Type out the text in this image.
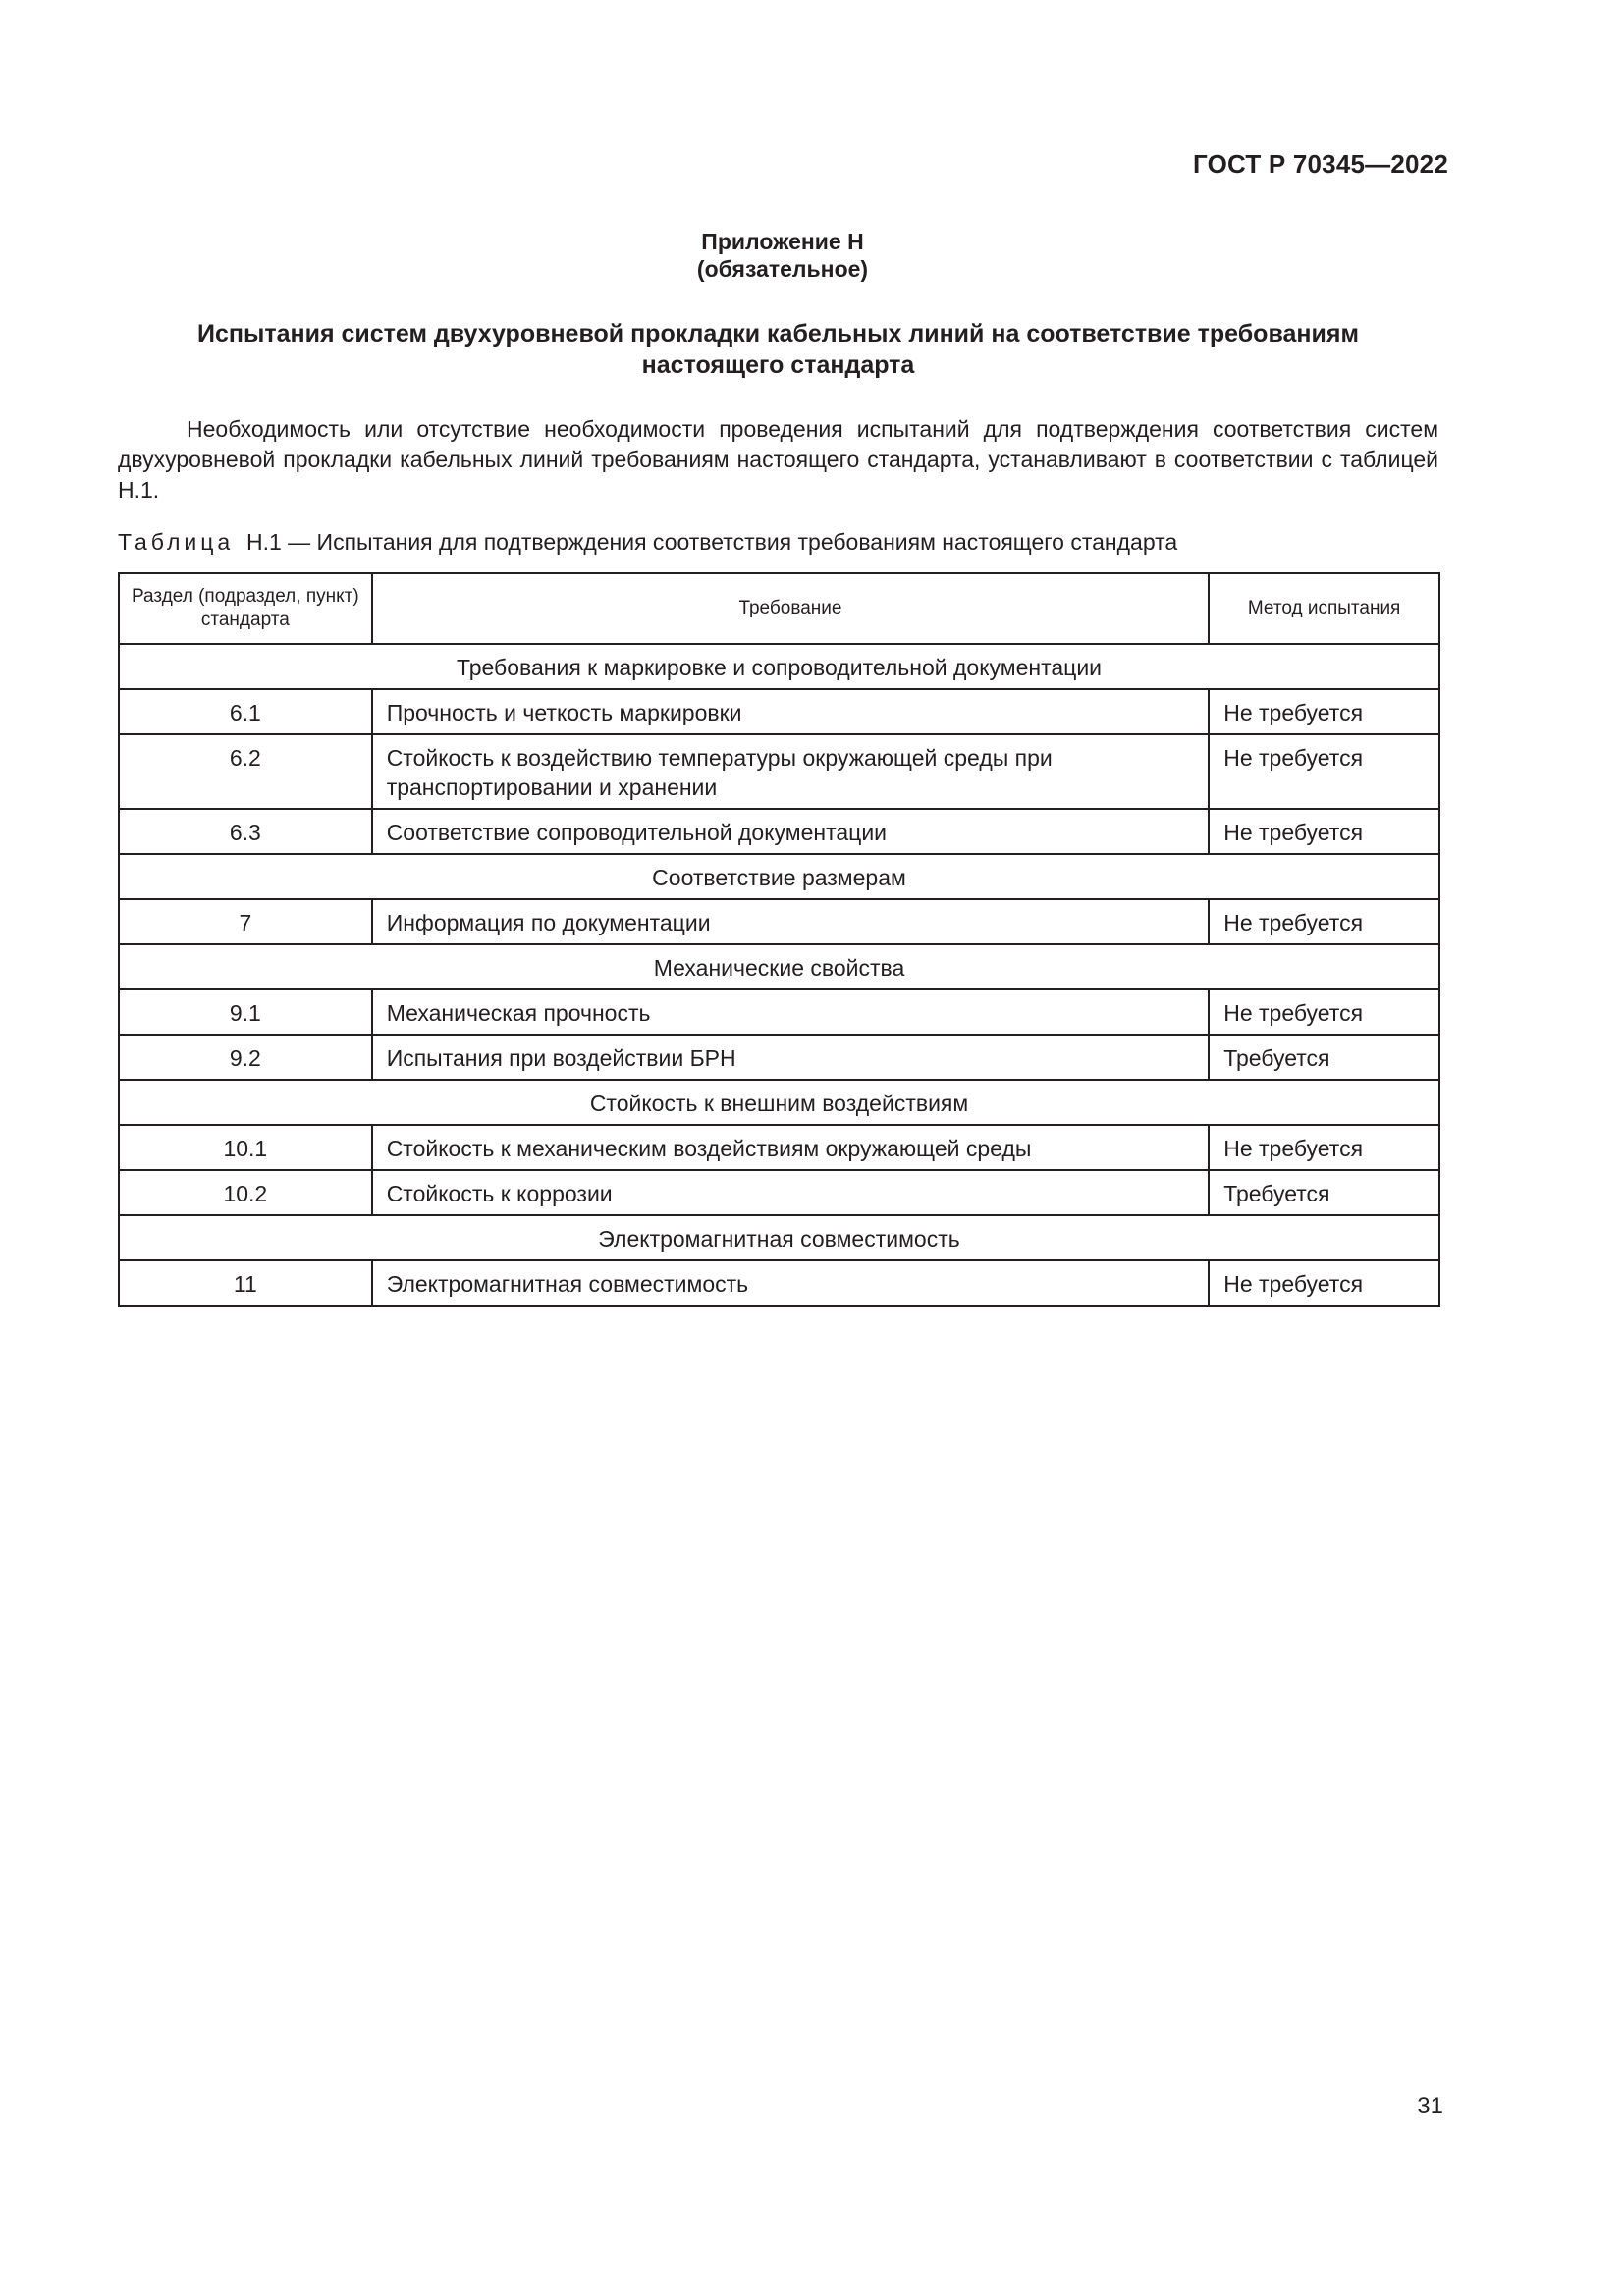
ГОСТ Р 70345—2022
Приложение Н
(обязательное)
Испытания систем двухуровневой прокладки кабельных линий на соответствие требованиям
настоящего стандарта
Необходимость или отсутствие необходимости проведения испытаний для подтверждения соответствия систем двухуровневой прокладки кабельных линий требованиям настоящего стандарта, устанавливают в соответствии с таблицей Н.1.
Таблица Н.1 — Испытания для подтверждения соответствия требованиям настоящего стандарта
Раздел (подраздел, пункт) стандарта	Требование	Метод испытания
Требования к маркировке и сопроводительной документации		
6.1	Прочность и четкость маркировки	Не требуется
6.2	Стойкость к воздействию температуры окружающей среды при транспортировании и хранении	Не требуется
6.3	Соответствие сопроводительной документации	Не требуется
Соответствие размерам		
7	Информация по документации	Не требуется
Механические свойства		
9.1	Механическая прочность	Не требуется
9.2	Испытания при воздействии БРН	Требуется
Стойкость к внешним воздействиям		
10.1	Стойкость к механическим воздействиям окружающей среды	Не требуется
10.2	Стойкость к коррозии	Требуется
Электромагнитная совместимость		
11	Электромагнитная совместимость	Не требуется
31
